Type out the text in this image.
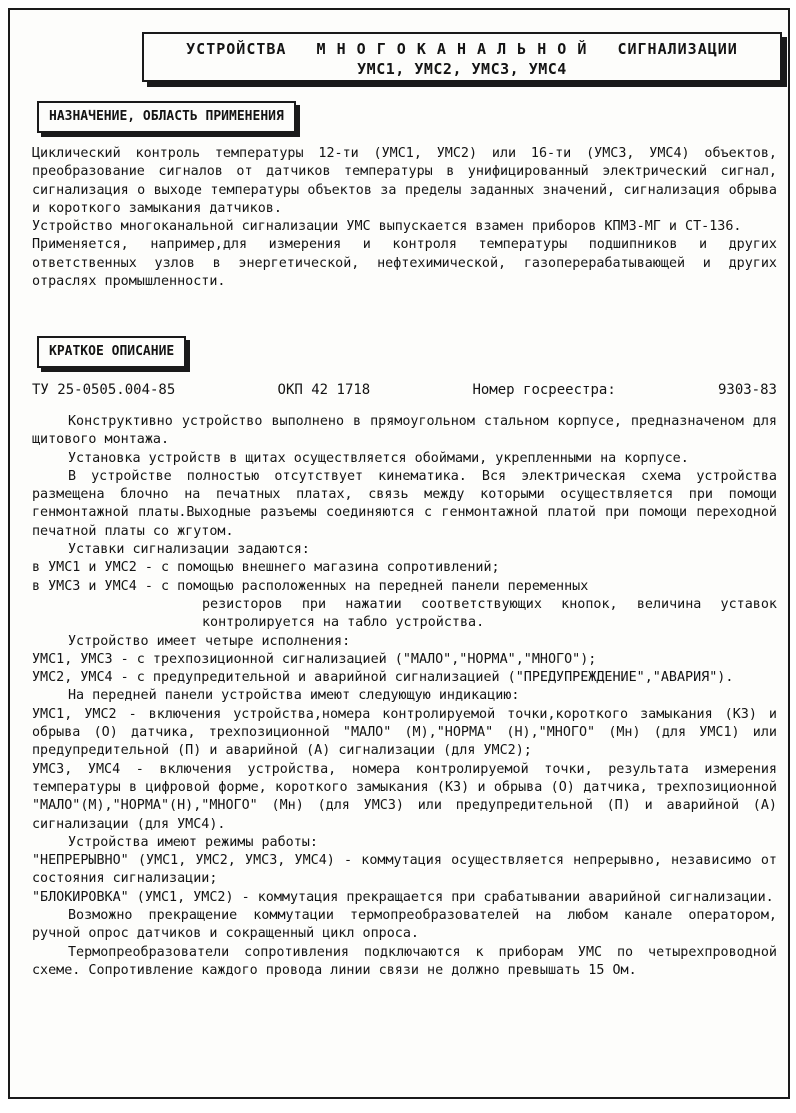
УСТРОЙСТВА   М Н О Г О К А Н А Л Ь Н О Й   СИГНАЛИЗАЦИИ
УМС1, УМС2, УМС3, УМС4
НАЗНАЧЕНИЕ, ОБЛАСТЬ ПРИМЕНЕНИЯ

Циклический контроль температуры 12-ти (УМС1, УМС2) или 16-ти (УМС3, УМС4) объектов, преобразование сигналов от датчиков температуры в унифицированный электрический сигнал, сигнализация о выходе температуры объектов за пределы заданных значений, сигнализация обрыва и короткого замыкания датчиков.

Устройство многоканальной сигнализации УМС выпускается взамен приборов КПМЗ-МГ и СТ-136.

Применяется, например,для измерения и контроля температуры подшипников и других ответственных узлов в энергетической, нефтехимической, газоперерабатывающей и других отраслях промышленности.

КРАТКОЕ ОПИСАНИЕ
ТУ 25-0505.004-85	ОКП 42 1718	Номер госреестра:	9303-83

Конструктивно устройство выполнено в прямоугольном стальном корпусе, предназначеном для щитового монтажа.

Установка устройств в щитах осуществляется обоймами, укрепленными на корпусе.

В устройстве полностью отсутствует кинематика. Вся электрическая схема устройства размещена блочно на печатных платах, связь между которыми осуществляется при помощи генмонтажной платы.Выходные разъемы соединяются с генмонтажной платой при помощи переходной печатной платы со жгутом.

Уставки сигнализации задаются:

в УМС1 и УМС2 - с помощью внешнего магазина сопротивлений;

в УМС3 и УМС4 - с помощью расположенных на передней панели переменных

резисторов при нажатии соответствующих кнопок, величина уставок контролируется на табло устройства.

Устройство имеет четыре исполнения:

УМС1, УМС3 - с трехпозиционной сигнализацией ("МАЛО","НОРМА","МНОГО");

УМС2, УМС4 - с предупредительной и аварийной сигнализацией ("ПРЕДУПРЕЖДЕНИЕ","АВАРИЯ").

На передней панели устройства имеют следующую индикацию:

УМС1, УМС2 - включения устройства,номера контролируемой точки,короткого замыкания (КЗ) и обрыва (О) датчика, трехпозиционной "МАЛО" (М),"НОРМА" (Н),"МНОГО" (Мн) (для УМС1) или предупредительной (П) и аварийной (А) сигнализации (для УМС2);

УМС3, УМС4 - включения устройства, номера контролируемой точки, результата измерения температуры в цифровой форме, короткого замыкания (КЗ) и обрыва (О) датчика, трехпозиционной "МАЛО"(М),"НОРМА"(Н),"МНОГО" (Мн) (для УМС3) или предупредительной (П) и аварийной (А) сигнализации (для УМС4).

Устройства имеют режимы работы:

"НЕПРЕРЫВНО" (УМС1, УМС2, УМС3, УМС4) - коммутация осуществляется непрерывно, независимо от состояния сигнализации;

"БЛОКИРОВКА" (УМС1, УМС2) - коммутация прекращается при срабатывании аварийной сигнализации.

Возможно прекращение коммутации термопреобразователей на любом канале оператором, ручной опрос датчиков и сокращенный цикл опроса.

Термопреобразователи сопротивления подключаются к приборам УМС по четырехпроводной схеме. Сопротивление каждого провода линии связи не должно превышать 15 Ом.
